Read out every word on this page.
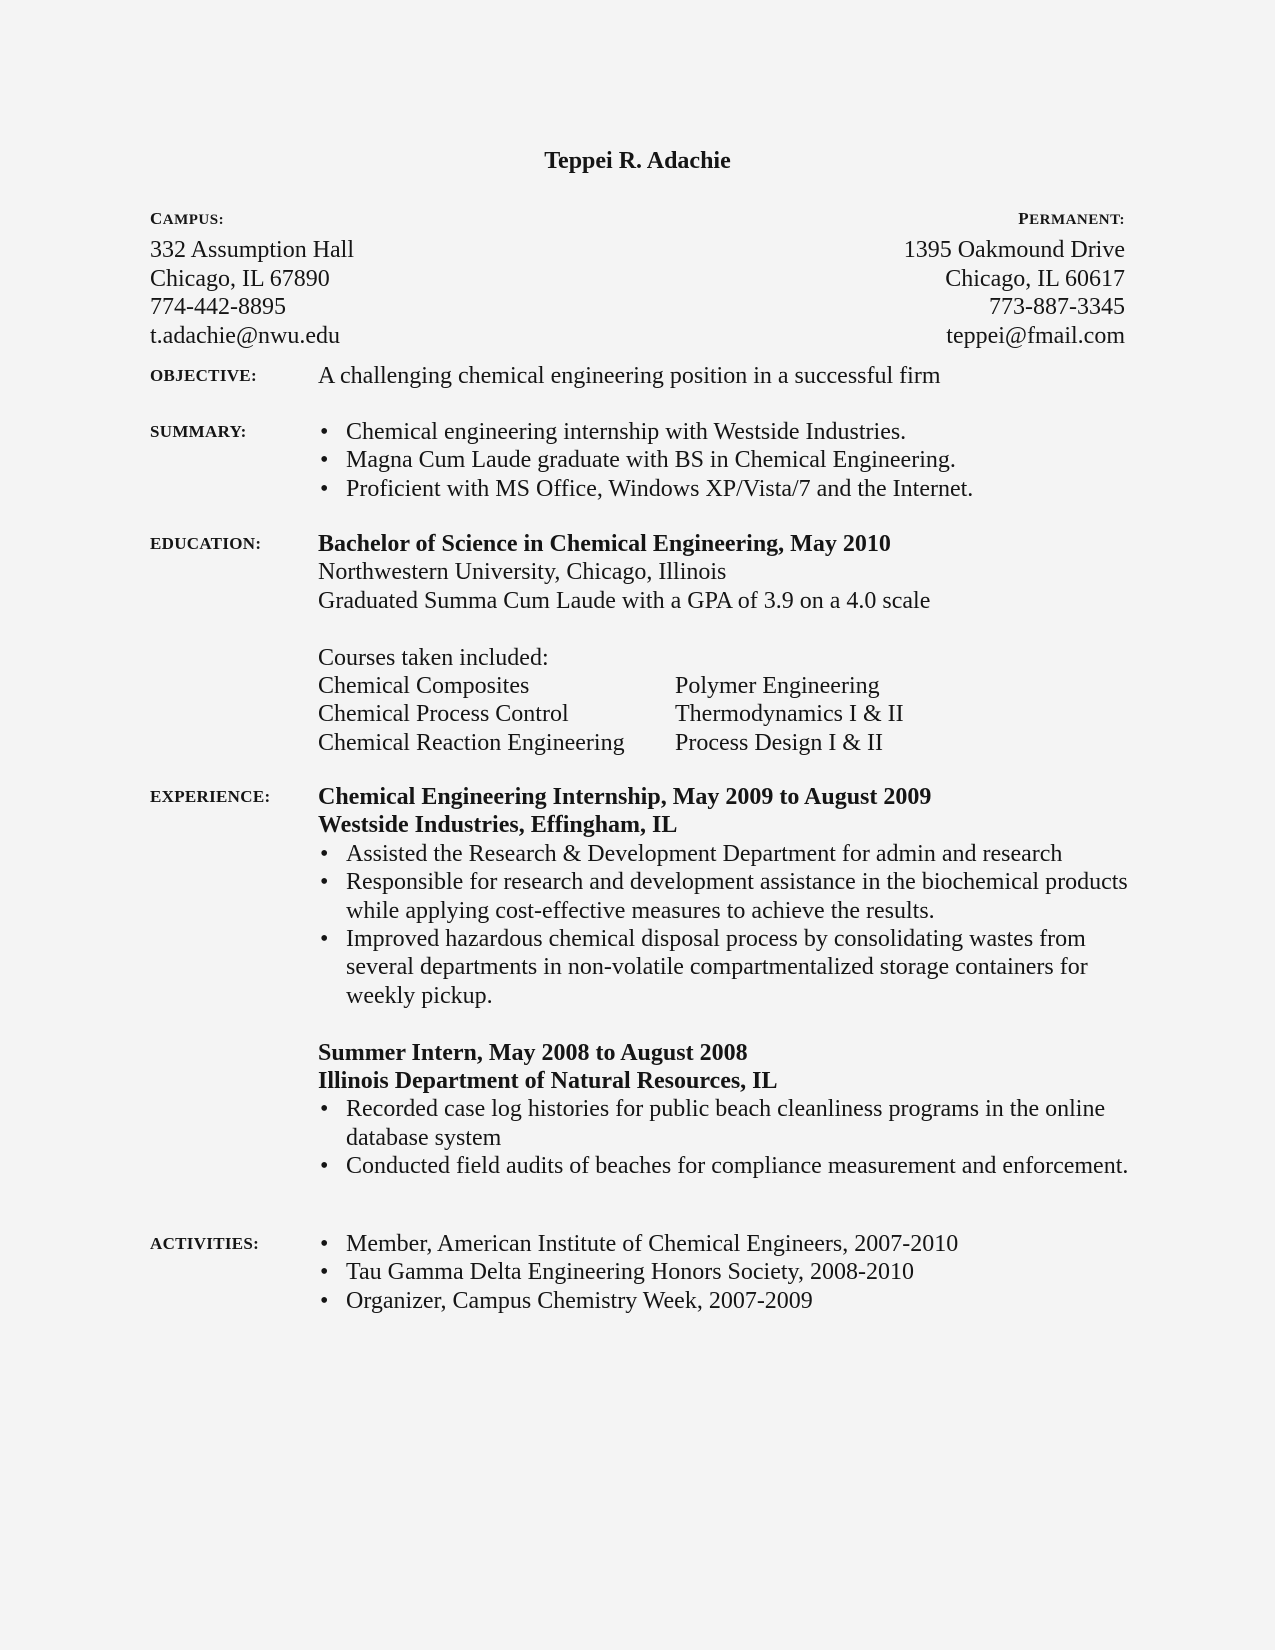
Teppei R. Adachie
CAMPUS:
332 Assumption Hall
Chicago, IL 67890
774-442-8895
t.adachie@nwu.edu
PERMANENT:
1395 Oakmound Drive
Chicago, IL 60617
773-887-3345
teppei@fmail.com
OBJECTIVE:	A challenging chemical engineering position in a successful firm
SUMMARY:	• Chemical engineering internship with Westside Industries.
• Magna Cum Laude graduate with BS in Chemical Engineering.
• Proficient with MS Office, Windows XP/Vista/7 and the Internet.
EDUCATION: Bachelor of Science in Chemical Engineering, May 2010
Northwestern University, Chicago, Illinois
Graduated Summa Cum Laude with a GPA of 3.9 on a 4.0 scale
Courses taken included:
Chemical Composites	Polymer Engineering
Chemical Process Control	Thermodynamics I & II
Chemical Reaction Engineering	Process Design I & II
EXPERIENCE: Chemical Engineering Internship, May 2009 to August 2009
Westside Industries, Effingham, IL
• Assisted the Research & Development Department for admin and research
• Responsible for research and development assistance in the biochemical products while applying cost-effective measures to achieve the results.
• Improved hazardous chemical disposal process by consolidating wastes from several departments in non-volatile compartmentalized storage containers for weekly pickup.
Summer Intern, May 2008 to August 2008
Illinois Department of Natural Resources, IL
• Recorded case log histories for public beach cleanliness programs in the online database system
• Conducted field audits of beaches for compliance measurement and enforcement.
ACTIVITIES:	• Member, American Institute of Chemical Engineers, 2007-2010
• Tau Gamma Delta Engineering Honors Society, 2008-2010
• Organizer, Campus Chemistry Week, 2007-2009
